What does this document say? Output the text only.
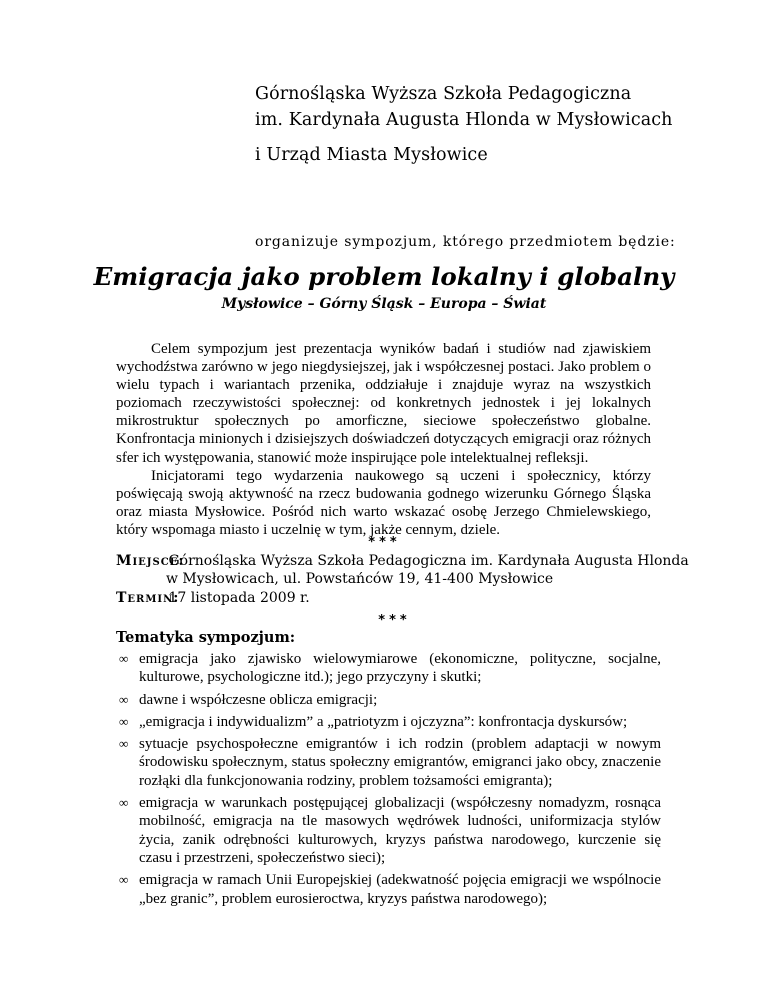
Górnośląska Wyższa Szkoła Pedagogiczna
im. Kardynała Augusta Hlonda w Mysłowicach
i Urząd Miasta Mysłowice
organizuje sympozjum, którego przedmiotem będzie:
Emigracja jako problem lokalny i globalny
Mysłowice – Górny Śląsk – Europa – Świat

Celem sympozjum jest prezentacja wyników badań i studiów nad zjawiskiem wychodźstwa zarówno w jego niegdysiejszej, jak i współczesnej postaci. Jako problem o wielu typach i wariantach przenika, oddziałuje i znajduje wyraz na wszystkich poziomach rzeczywistości społecznej: od konkretnych jednostek i jej lokalnych mikrostruktur społecznych po amorficzne, sieciowe społeczeństwo globalne. Konfrontacja minionych i dzisiejszych doświadczeń dotyczących emigracji oraz różnych sfer ich występowania, stanowić może inspirujące pole intelektualnej refleksji.

Inicjatorami tego wydarzenia naukowego są uczeni i społecznicy, którzy poświęcają swoją aktywność na rzecz budowania godnego wizerunku Górnego Śląska oraz miasta Mysłowice. Pośród nich warto wskazać osobę Jerzego Chmielewskiego, który wspomaga miasto i uczelnię w tym, jakże cennym, dziele.

***
Miejsce: Górnośląska Wyższa Szkoła Pedagogiczna im. Kardynała Augusta Hlonda
w Mysłowicach, ul. Powstańców 19, 41-400 Mysłowice
Termin: 17 listopada 2009 r.
***
Tematyka sympozjum:
∞ emigracja jako zjawisko wielowymiarowe (ekonomiczne, polityczne, socjalne, kulturowe, psychologiczne itd.); jego przyczyny i skutki;
∞ dawne i współczesne oblicza emigracji;
∞ „emigracja i indywidualizm” a „patriotyzm i ojczyzna”: konfrontacja dyskursów;
∞ sytuacje psychospołeczne emigrantów i ich rodzin (problem adaptacji w nowym środowisku społecznym, status społeczny emigrantów, emigranci jako obcy, znaczenie rozłąki dla funkcjonowania rodziny, problem tożsamości emigranta);
∞ emigracja w warunkach postępującej globalizacji (współczesny nomadyzm, rosnąca mobilność, emigracja na tle masowych wędrówek ludności, uniformizacja stylów życia, zanik odrębności kulturowych, kryzys państwa narodowego, kurczenie się czasu i przestrzeni, społeczeństwo sieci);
∞ emigracja w ramach Unii Europejskiej (adekwatność pojęcia emigracji we wspólnocie „bez granic”, problem eurosieroctwa, kryzys państwa narodowego);
